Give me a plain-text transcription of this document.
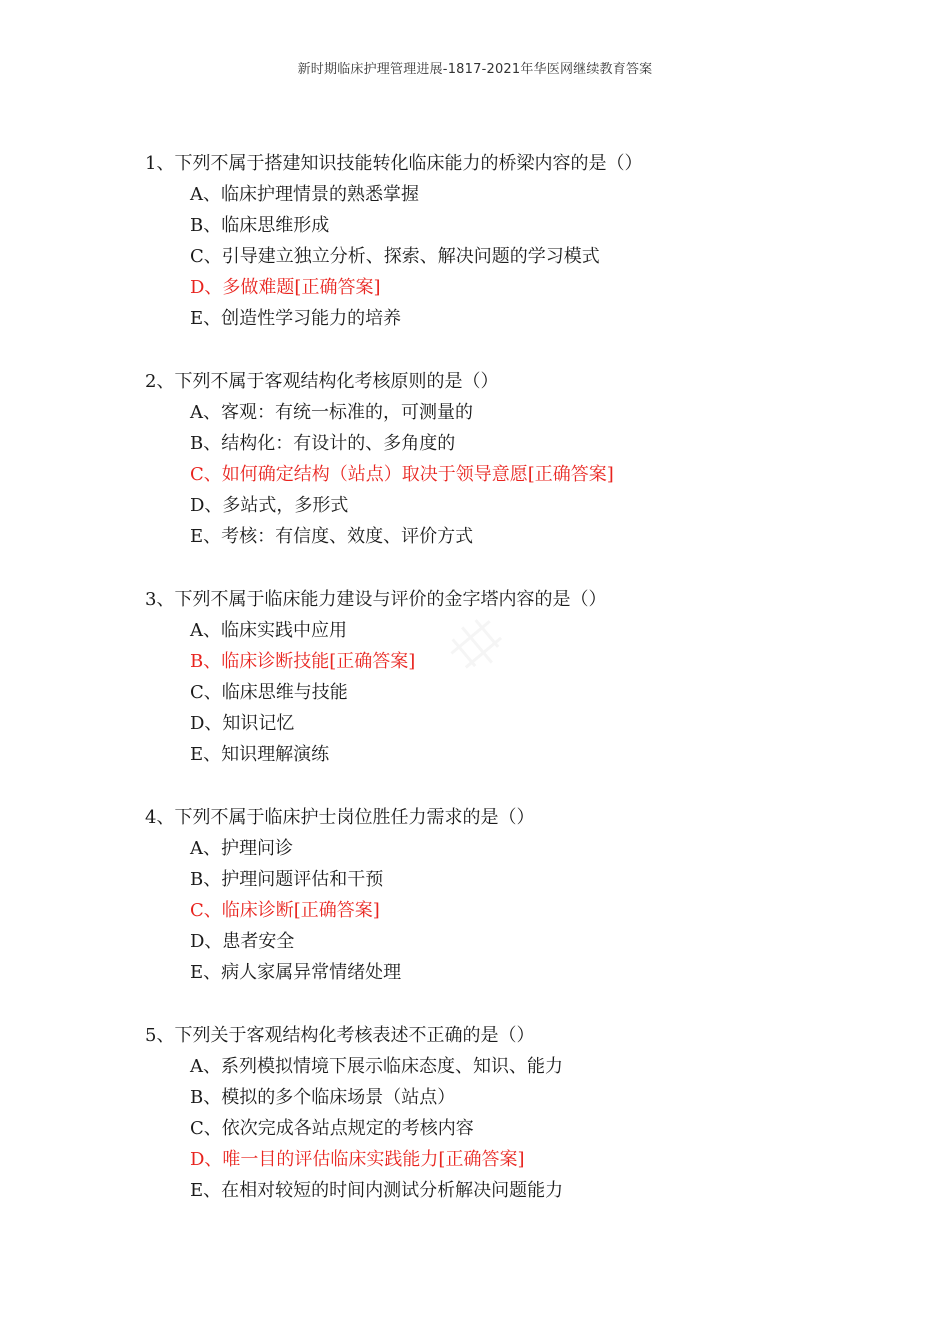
新时期临床护理管理进展-1817-2021年华医网继续教育答案
1、下列不属于搭建知识技能转化临床能力的桥梁内容的是（）
A、临床护理情景的熟悉掌握
B、临床思维形成
C、引导建立独立分析、探索、解决问题的学习模式
D、多做难题[正确答案]
E、创造性学习能力的培养
2、下列不属于客观结构化考核原则的是（）
A、客观：有统一标准的，可测量的
B、结构化：有设计的、多角度的
C、如何确定结构（站点）取决于领导意愿[正确答案]
D、多站式，多形式
E、考核：有信度、效度、评价方式
3、下列不属于临床能力建设与评价的金字塔内容的是（）
A、临床实践中应用
B、临床诊断技能[正确答案]
C、临床思维与技能
D、知识记忆
E、知识理解演练
4、下列不属于临床护士岗位胜任力需求的是（）
A、护理问诊
B、护理问题评估和干预
C、临床诊断[正确答案]
D、患者安全
E、病人家属异常情绪处理
5、下列关于客观结构化考核表述不正确的是（）
A、系列模拟情境下展示临床态度、知识、能力
B、模拟的多个临床场景（站点）
C、依次完成各站点规定的考核内容
D、唯一目的评估临床实践能力[正确答案]
E、在相对较短的时间内测试分析解决问题能力
